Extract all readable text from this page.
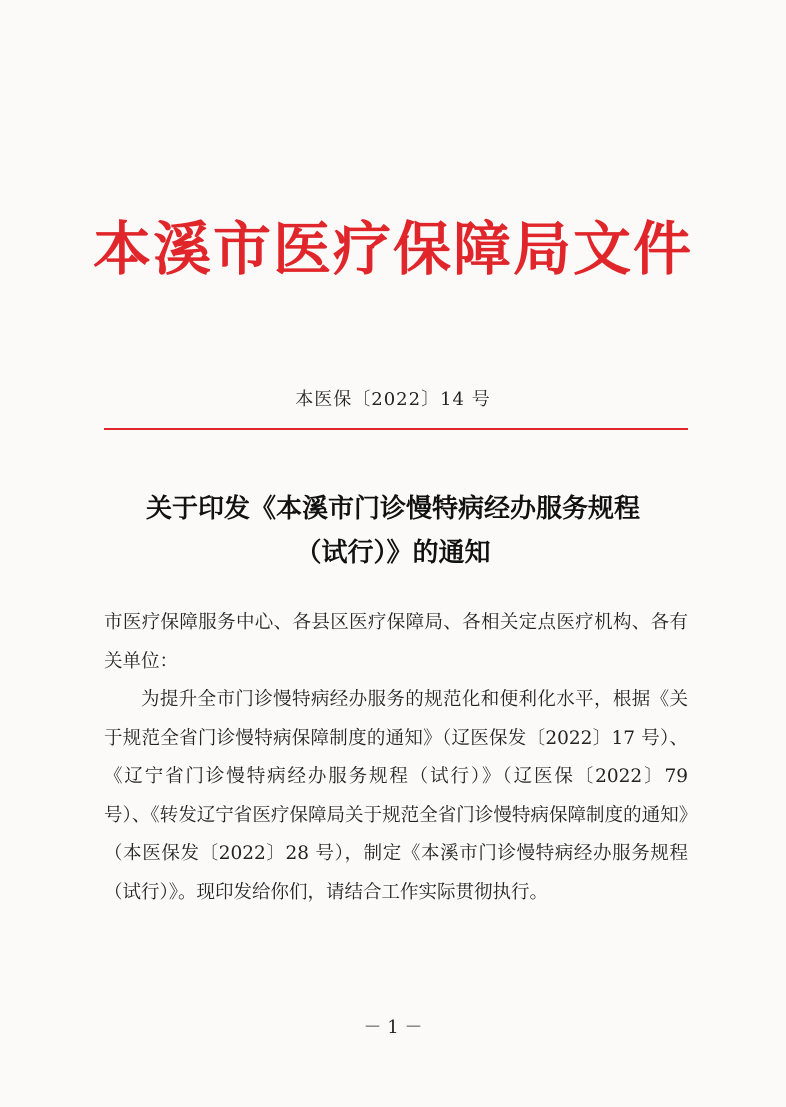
本溪市医疗保障局文件
本医保〔2022〕14 号
关于印发《本溪市门诊慢特病经办服务规程
（试行）》的通知

市医疗保障服务中心、各县区医疗保障局、各相关定点医疗机构、各有关单位：

为提升全市门诊慢特病经办服务的规范化和便利化水平，根据《关于规范全省门诊慢特病保障制度的通知》（辽医保发〔2022〕17 号）、《辽宁省门诊慢特病经办服务规程（试行）》（辽医保〔2022〕79 号）、《转发辽宁省医疗保障局关于规范全省门诊慢特病保障制度的通知》（本医保发〔2022〕28 号），制定《本溪市门诊慢特病经办服务规程（试行）》。现印发给你们，请结合工作实际贯彻执行。

－ 1 －
